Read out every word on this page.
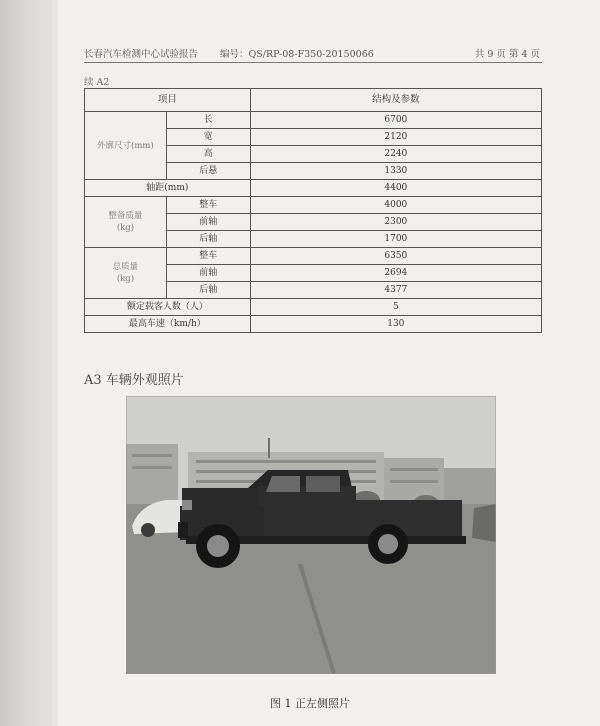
长春汽车检测中心试验报告 编号：QS/RP-08-F350-20150066	共 9 页 第 4 页
续 A2
项目		结构及参数
外廓尺寸(mm)	长	6700
	宽	2120
	高	2240
	后悬	1330
轴距(mm)		4400
整备质量
(kg)	整车	4000
	前轴	2300
	后轴	1700
总质量
(kg)	整车	6350
	前轴	2694
	后轴	4377
额定载客人数（人）		5
最高车速（km/h）		130
A3 车辆外观照片
图 1 正左侧照片
